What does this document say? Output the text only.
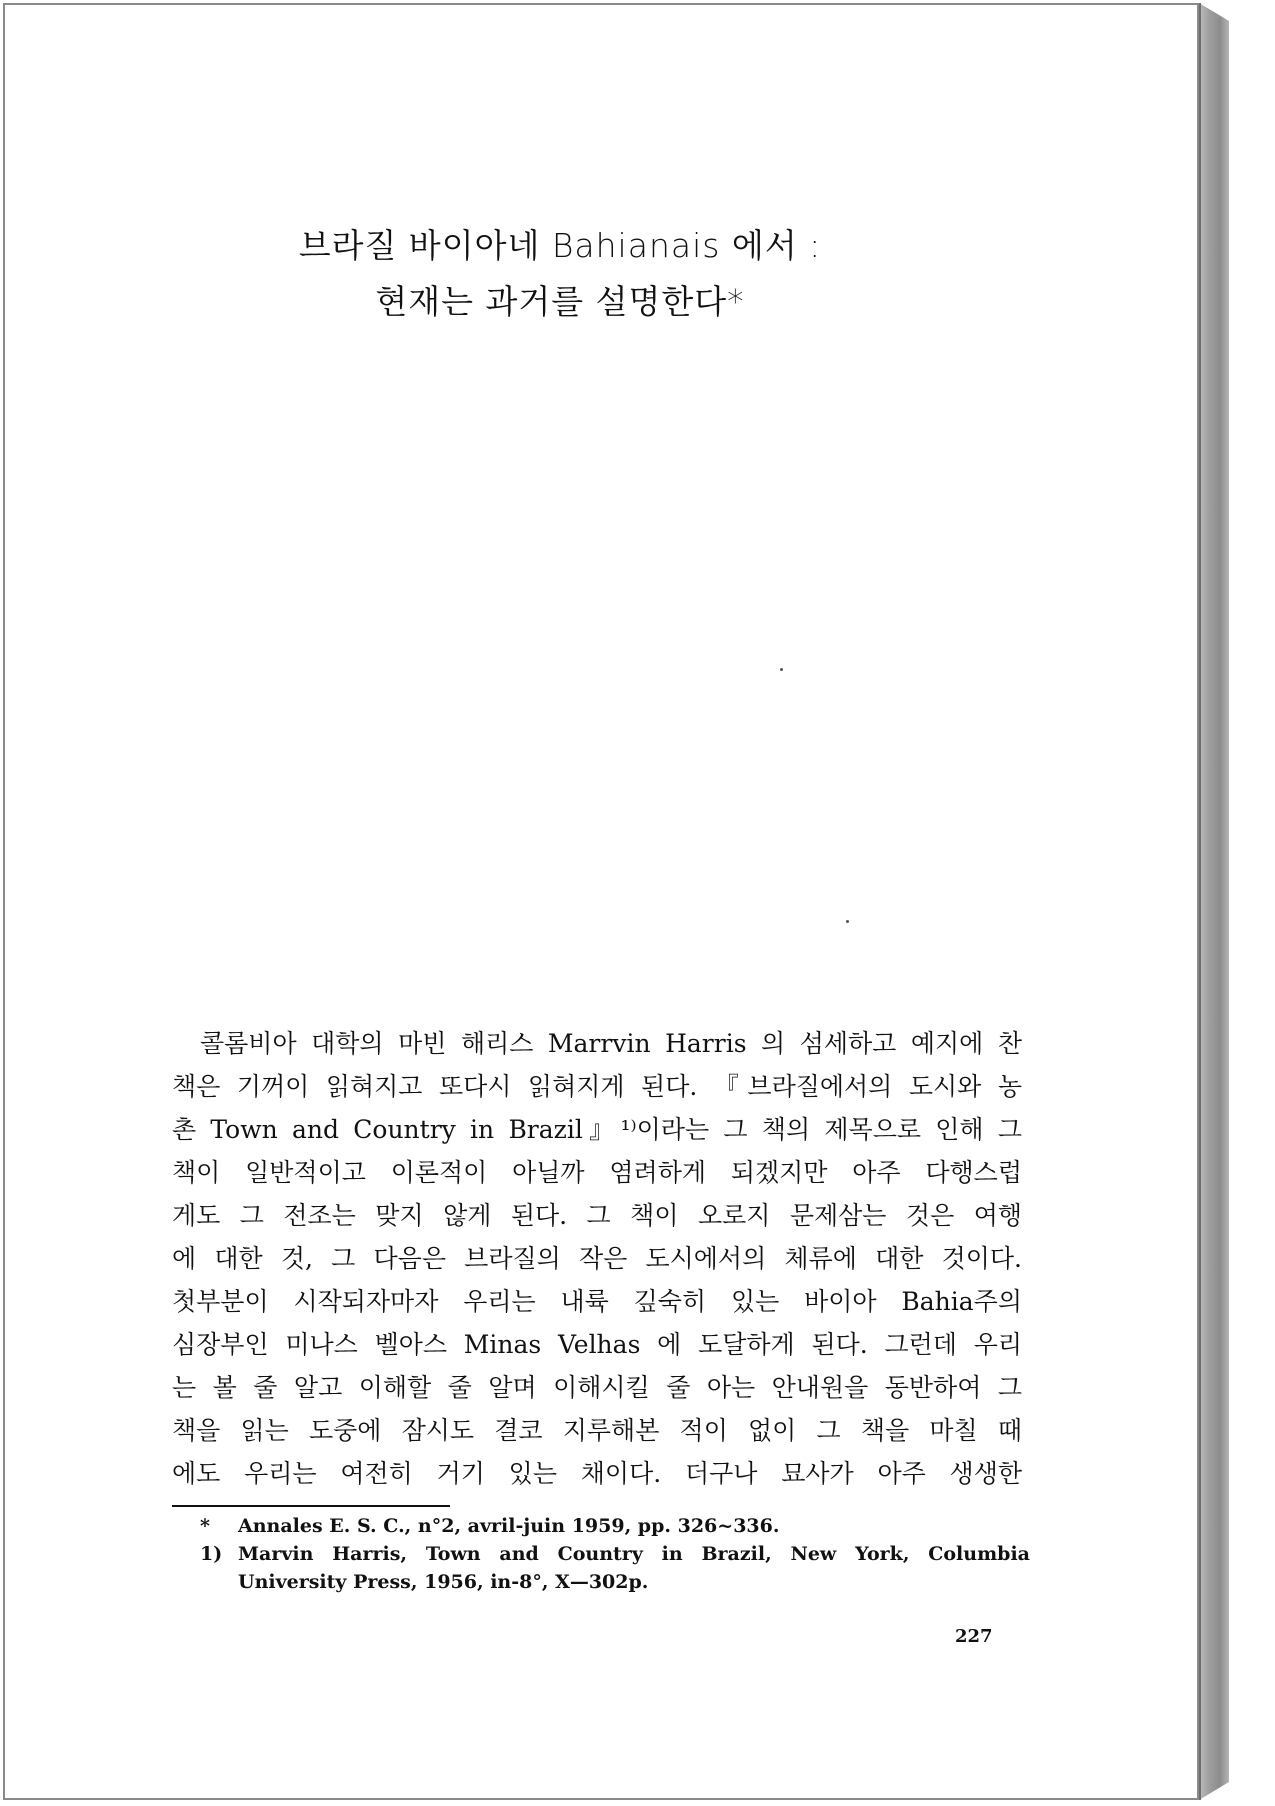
브라질 바이아네 Bahianais 에서 :
현재는 과거를 설명한다*
콜롬비아 대학의 마빈 해리스 Marrvin Harris 의 섬세하고 예지에 찬
책은 기꺼이 읽혀지고 또다시 읽혀지게 된다. 『브라질에서의 도시와 농
촌 Town and Country in Brazil』¹⁾이라는 그 책의 제목으로 인해 그
책이 일반적이고 이론적이 아닐까 염려하게 되겠지만 아주 다행스럽
게도 그 전조는 맞지 않게 된다. 그 책이 오로지 문제삼는 것은 여행
에 대한 것, 그 다음은 브라질의 작은 도시에서의 체류에 대한 것이다.
첫부분이 시작되자마자 우리는 내륙 깊숙히 있는 바이아 Bahia주의
심장부인 미나스 벨아스 Minas Velhas 에 도달하게 된다. 그런데 우리
는 볼 줄 알고 이해할 줄 알며 이해시킬 줄 아는 안내원을 동반하여 그
책을 읽는 도중에 잠시도 결코 지루해본 적이 없이 그 책을 마칠 때
에도 우리는 여전히 거기 있는 채이다. 더구나 묘사가 아주 생생한
*	Annales E. S. C., n°2, avril-juin 1959, pp. 326~336.
1) Marvin Harris, Town and Country in Brazil, New York, Columbia
University Press, 1956, in-8°, X—302p.
227
